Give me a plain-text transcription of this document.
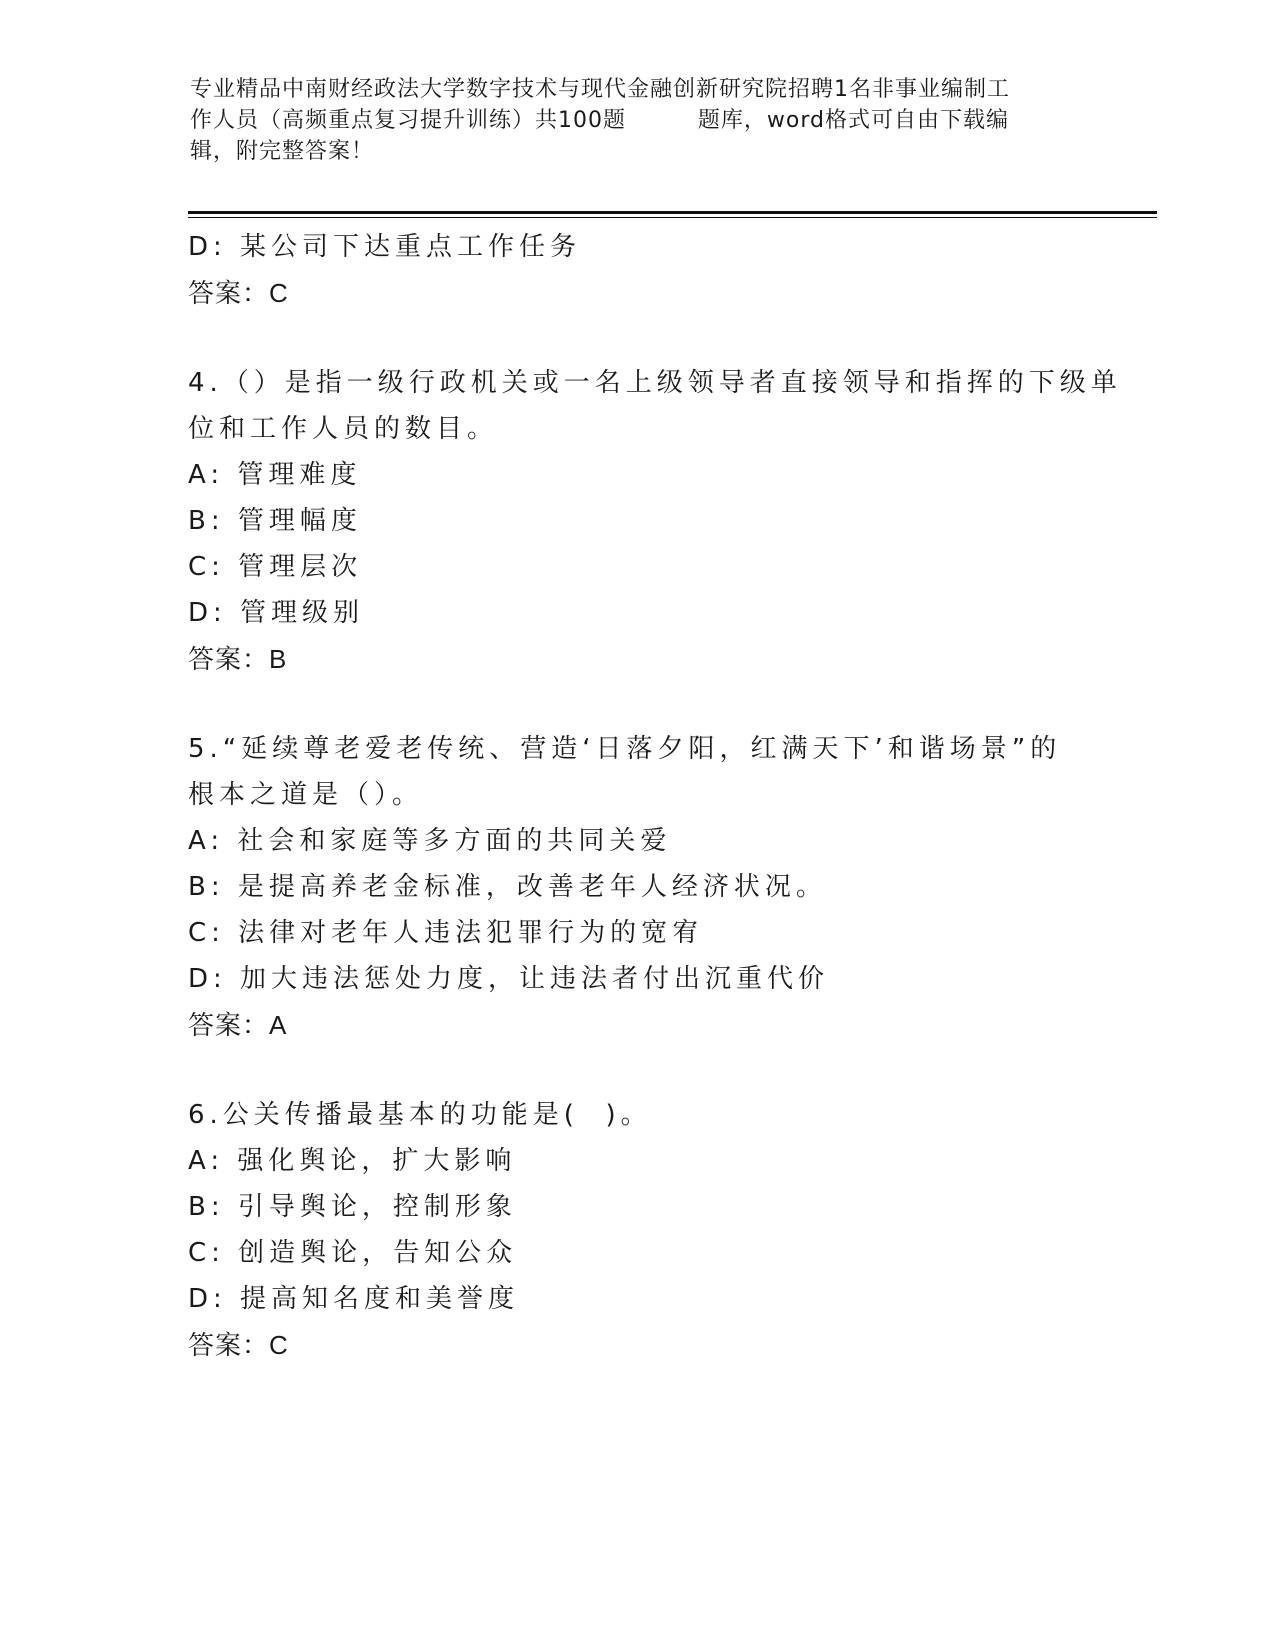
专业精品中南财经政法大学数字技术与现代金融创新研究院招聘1名非事业编制工
作人员（高频重点复习提升训练）共100题         题库，word格式可自由下载编
辑，附完整答案！
D: 某公司下达重点工作任务
答案：C
4.（）是指一级行政机关或一名上级领导者直接领导和指挥的下级单
位和工作人员的数目。
A: 管理难度
B: 管理幅度
C: 管理层次
D: 管理级别
答案：B
5.“延续尊老爱老传统、营造‘日落夕阳，红满天下’和谐场景”的
根本之道是（）。
A: 社会和家庭等多方面的共同关爱
B: 是提高养老金标准，改善老年人经济状况。
C: 法律对老年人违法犯罪行为的宽宥
D: 加大违法惩处力度，让违法者付出沉重代价
答案：A
6.公关传播最基本的功能是(  )。
A: 强化舆论，扩大影响
B: 引导舆论，控制形象
C: 创造舆论，告知公众
D: 提高知名度和美誉度
答案：C
